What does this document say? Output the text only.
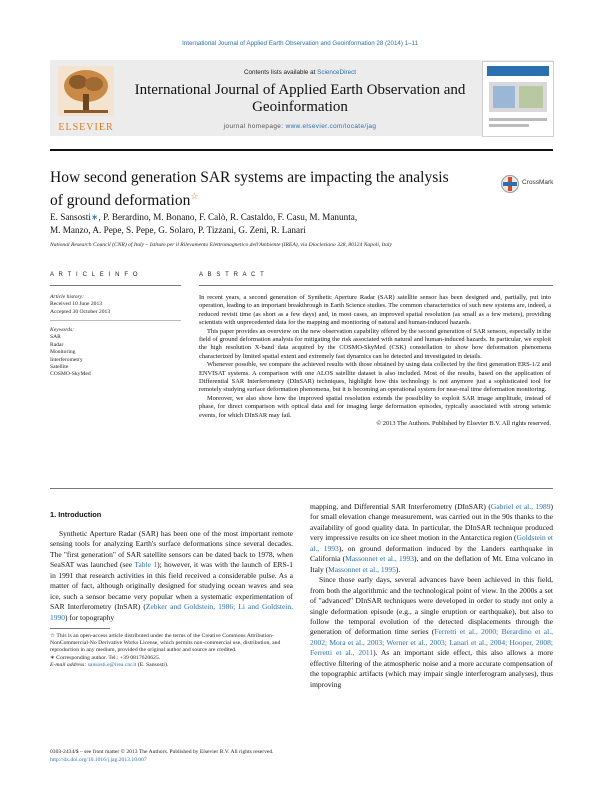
International Journal of Applied Earth Observation and Geoinformation 28 (2014) 1–11
ELSEVIER
Contents lists available at ScienceDirect
International Journal of Applied Earth Observation and Geoinformation
journal homepage: www.elsevier.com/locate/jag
How second generation SAR systems are impacting the analysis of ground deformation☆
CrossMark
E. Sansosti∗, P. Berardino, M. Bonano, F. Calò, R. Castaldo, F. Casu, M. Manunta,
M. Manzo, A. Pepe, S. Pepe, G. Solaro, P. Tizzani, G. Zeni, R. Lanari
National Research Council (CNR) of Italy – Istituto per il Rilevamento Elettromagnetico dell'Ambiente (IREA), via Diocleziano 328, 80124 Napoli, Italy
A R T I C L E I N F O	A B S T R A C T
Article history:
Received 10 June 2013
Accepted 30 October 2013
Keywords:
SAR
Radar
Monitoring
Interferometry
Satellite
COSMO-SkyMed

In recent years, a second generation of Synthetic Aperture Radar (SAR) satellite sensor has been designed and, partially, put into operation, leading to an important breakthrough in Earth Science studies. The common characteristics of such new systems are, indeed, a reduced revisit time (as short as a few days) and, in most cases, an improved spatial resolution (as small as a few meters), providing scientists with unprecedented data for the mapping and monitoring of natural and human-induced hazards.

This paper provides an overview on the new observation capability offered by the second generation of SAR sensors, especially in the field of ground deformation analysis for mitigating the risk associated with natural and human-induced hazards. In particular, we exploit the high resolution X-band data acquired by the COSMO-SkyMed (CSK) constellation to show how deformation phenomena characterized by limited spatial extent and extremely fast dynamics can be detected and investigated in details.

Whenever possible, we compare the achieved results with those obtained by using data collected by the first generation ERS-1/2 and ENVISAT systems. A comparison with one ALOS satellite dataset is also included. Most of the results, based on the application of Differential SAR Interferometry (DInSAR) techniques, highlight how this technology is not anymore just a sophisticated tool for remotely studying surface deformation phenomena, but it is becoming an operational system for near-real time deformation monitoring.

Moreover, we also show how the improved spatial resolution extends the possibility to exploit SAR image amplitude, instead of phase, for direct comparison with optical data and for imaging large deformation episodes, typically associated with strong seismic events, for which DInSAR may fail.

© 2013 The Authors. Published by Elsevier B.V. All rights reserved.

1. Introduction

Synthetic Aperture Radar (SAR) has been one of the most important remote sensing tools for analyzing Earth's surface deformations since several decades. The "first generation" of SAR satellite sensors can be dated back to 1978, when SeaSAT was launched (see Table 1); however, it was with the launch of ERS-1 in 1991 that research activities in this field received a considerable pulse. As a matter of fact, although originally designed for studying ocean waves and sea ice, such a sensor became very popular when a systematic experimentation of SAR Interferometry (InSAR) (Zebker and Goldstein, 1986; Li and Goldstein, 1990) for topography

mapping, and Differential SAR Interferometry (DInSAR) (Gabriel et al., 1989) for small elevation change measurement, was carried out in the 90s thanks to the availability of good quality data. In particular, the DInSAR technique produced very impressive results on ice sheet motion in the Antarctica region (Goldstein et al., 1993), on ground deformation induced by the Landers earthquake in California (Massonnet et al., 1993), and on the deflation of Mt. Etna volcano in Italy (Massonnet et al., 1995).

Since those early days, several advances have been achieved in this field, from both the algorithmic and the technological point of view. In the 2000s a set of "advanced" DInSAR techniques were developed in order to study not only a single deformation episode (e.g., a single eruption or earthquake), but also to follow the temporal evolution of the detected displacements through the generation of deformation time series (Ferretti et al., 2000; Berardino et al., 2002; Mora et al., 2003; Werner et al., 2003; Lanari et al., 2004; Hooper, 2008; Ferretti et al., 2011). As an important side effect, this also allows a more effective filtering of the atmospheric noise and a more accurate compensation of the topographic artifacts (which may impair single interferogram analyses), thus improving

☆ This is an open-access article distributed under the terms of the Creative Commons Attribution-NonCommercial-No Derivative Works License, which permits non-commercial use, distribution, and reproduction in any medium, provided the original author and source are credited.

∗ Corresponding author. Tel.: +39 0817620625.

E-mail address: sansosti.e@irea.cnr.it (E. Sansosti).

0303-2434/$ – see front matter © 2013 The Authors. Published by Elsevier B.V. All rights reserved.

http://dx.doi.org/10.1016/j.jag.2013.10.007
